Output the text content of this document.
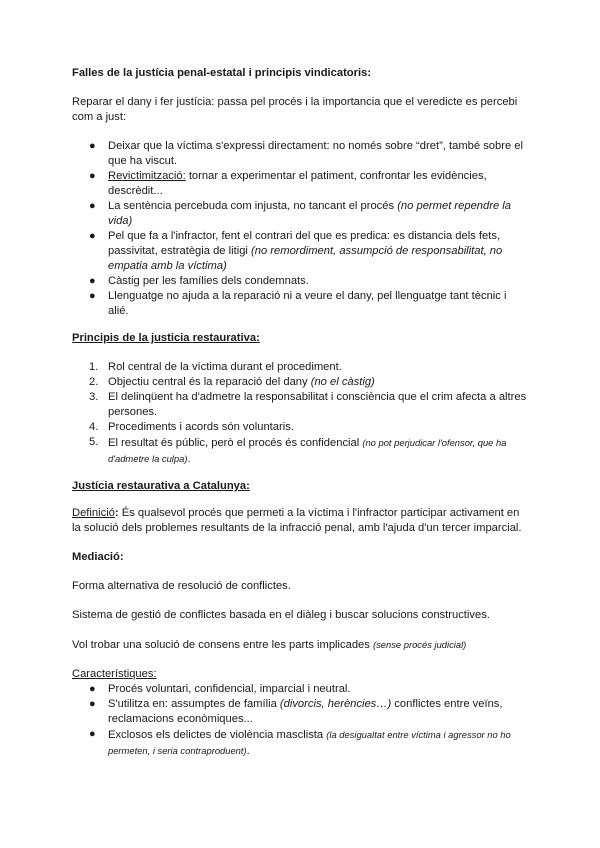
Falles de la justícia penal-estatal i principis vindicatoris:

Reparar el dany i fer justícia: passa pel procés i la importancia que el veredicte es percebi com a just:

● Deixar que la víctima s'expressi directament: no només sobre “dret”, també sobre el que ha viscut.
● Revictimització: tornar a experimentar el patiment, confrontar les evidències, descrèdit...
● La sentència percebuda com injusta, no tancant el procés (no permet rependre la vida)
● Pel que fa a l'infractor, fent el contrari del que es predica: es distancia dels fets, passivitat, estratègia de litigi (no remordiment, assumpció de responsabilitat, no empatia amb la víctima)
● Càstig per les famílies dels condemnats.
● Llenguatge no ajuda a la reparació ni a veure el dany, pel llenguatge tant tècnic i alié.
Principis de la justicia restaurativa:
1. Rol central de la víctima durant el procediment.
2. Objectiu central és la reparació del dany (no el càstig)
3. El delinqüent ha d'admetre la responsabilitat i consciència que el crim afecta a altres persones.
4. Procediments i acords són voluntaris.
5. El resultat és públic, però el procés és confidencial (no pot perjudicar l'ofensor, que ha d'admetre la culpa).
Justícia restaurativa a Catalunya:

Definició: És qualsevol procés que permeti a la víctima i l'infractor participar activament en la solució dels problemes resultants de la infracció penal, amb l'ajuda d'un tercer imparcial.

Mediació:

Forma alternativa de resolució de conflictes.

Sistema de gestió de conflictes basada en el diàleg i buscar solucions constructives.

Vol trobar una solució de consens entre les parts implicades (sense procés judicial)

Característiques:

● Procés voluntari, confidencial, imparcial i neutral.
● S'utilitza en: assumptes de família (divorcis, herències…) conflictes entre veïns, reclamacions econòmiques...
● Exclosos els delictes de violència masclista (la desigualtat entre víctima i agressor no ho permeten, i seria contraproduent).
